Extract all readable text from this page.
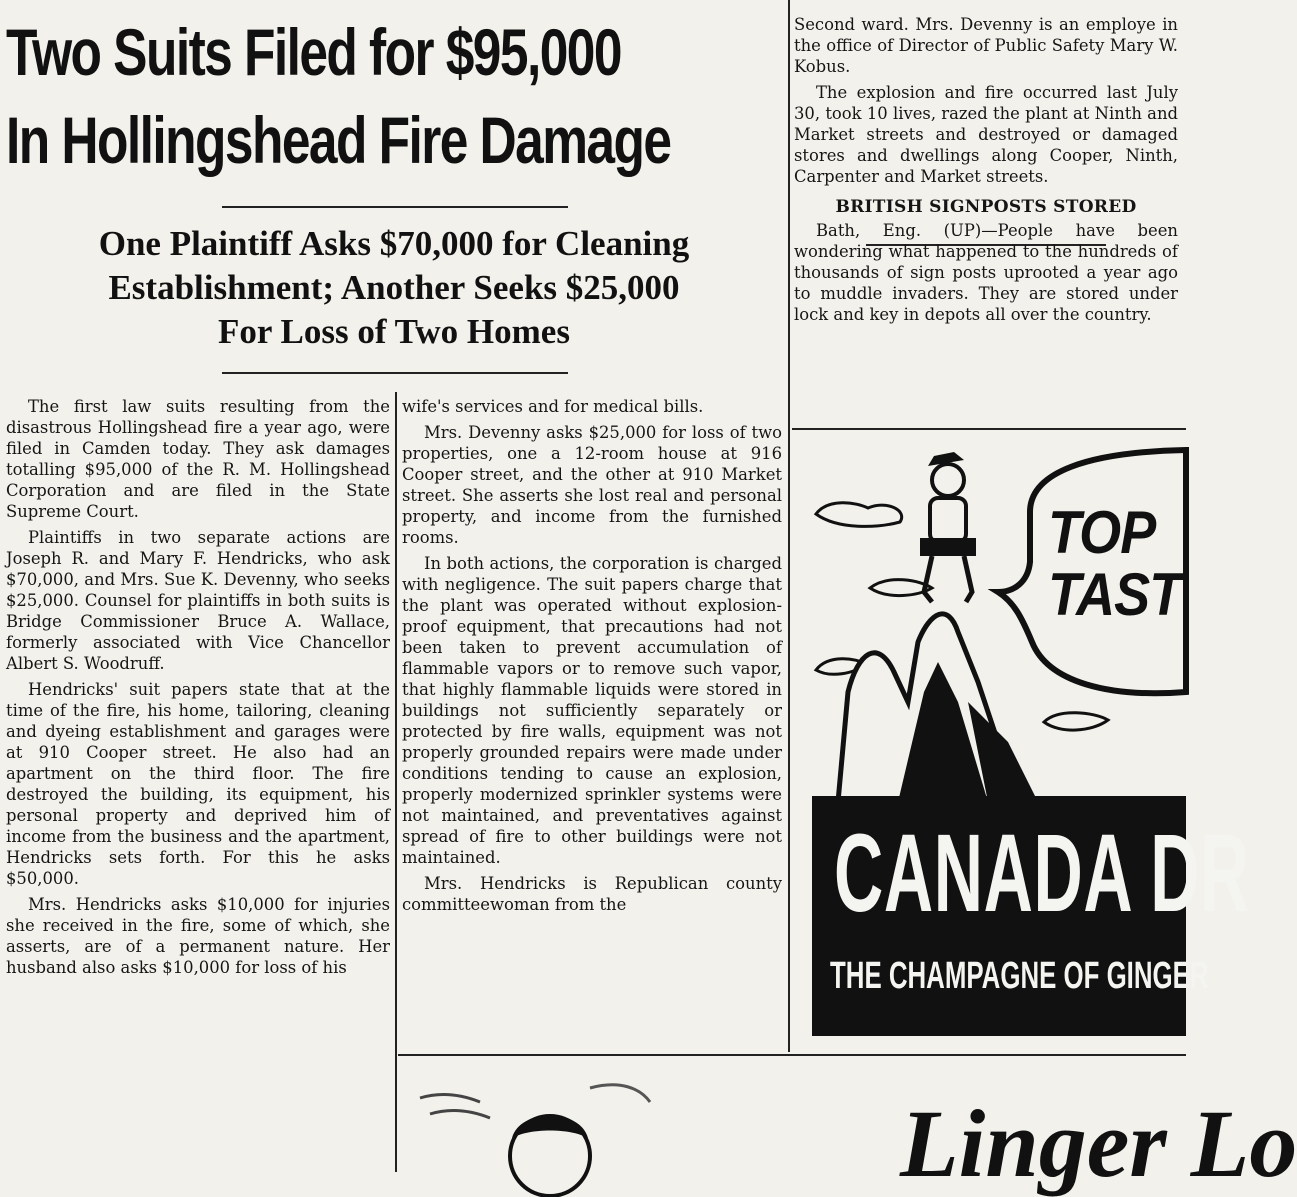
Two Suits Filed for $95,000
In Hollingshead Fire Damage
One Plaintiff Asks $70,000 for Cleaning
Establishment; Another Seeks $25,000
For Loss of Two Homes

The first law suits resulting from the disastrous Hollingshead fire a year ago, were filed in Camden today. They ask damages totalling $95,000 of the R. M. Hollingshead Corporation and are filed in the State Supreme Court.

Plaintiffs in two separate actions are Joseph R. and Mary F. Hendricks, who ask $70,000, and Mrs. Sue K. Devenny, who seeks $25,000. Counsel for plaintiffs in both suits is Bridge Commissioner Bruce A. Wallace, formerly associated with Vice Chancellor Albert S. Woodruff.

Hendricks' suit papers state that at the time of the fire, his home, tailoring, cleaning and dyeing establishment and garages were at 910 Cooper street. He also had an apartment on the third floor. The fire destroyed the building, its equipment, his personal property and deprived him of income from the business and the apartment, Hendricks sets forth. For this he asks $50,000.

Mrs. Hendricks asks $10,000 for injuries she received in the fire, some of which, she asserts, are of a permanent nature. Her husband also asks $10,000 for loss of his

wife's services and for medical bills.

Mrs. Devenny asks $25,000 for loss of two properties, one a 12-room house at 916 Cooper street, and the other at 910 Market street. She asserts she lost real and personal property, and income from the furnished rooms.

In both actions, the corporation is charged with negligence. The suit papers charge that the plant was operated without explosion-proof equipment, that precautions had not been taken to prevent accumulation of flammable vapors or to remove such vapor, that highly flammable liquids were stored in buildings not sufficiently separately or protected by fire walls, equipment was not properly grounded repairs were made under conditions tending to cause an explosion, properly modernized sprinkler systems were not maintained, and preventatives against spread of fire to other buildings were not maintained.

Mrs. Hendricks is Republican county committeewoman from the

Second ward. Mrs. Devenny is an employe in the office of Director of Public Safety Mary W. Kobus.

The explosion and fire occurred last July 30, took 10 lives, razed the plant at Ninth and Market streets and destroyed or damaged stores and dwellings along Cooper, Ninth, Carpenter and Market streets.

BRITISH SIGNPOSTS STORED

Bath, Eng. (UP)—People have been wondering what happened to the hundreds of thousands of sign posts uprooted a year ago to muddle invaders. They are stored under lock and key in depots all over the country.

TOP
TAST
CANADA DR
THE CHAMPAGNE OF GINGER
Linger Lo
